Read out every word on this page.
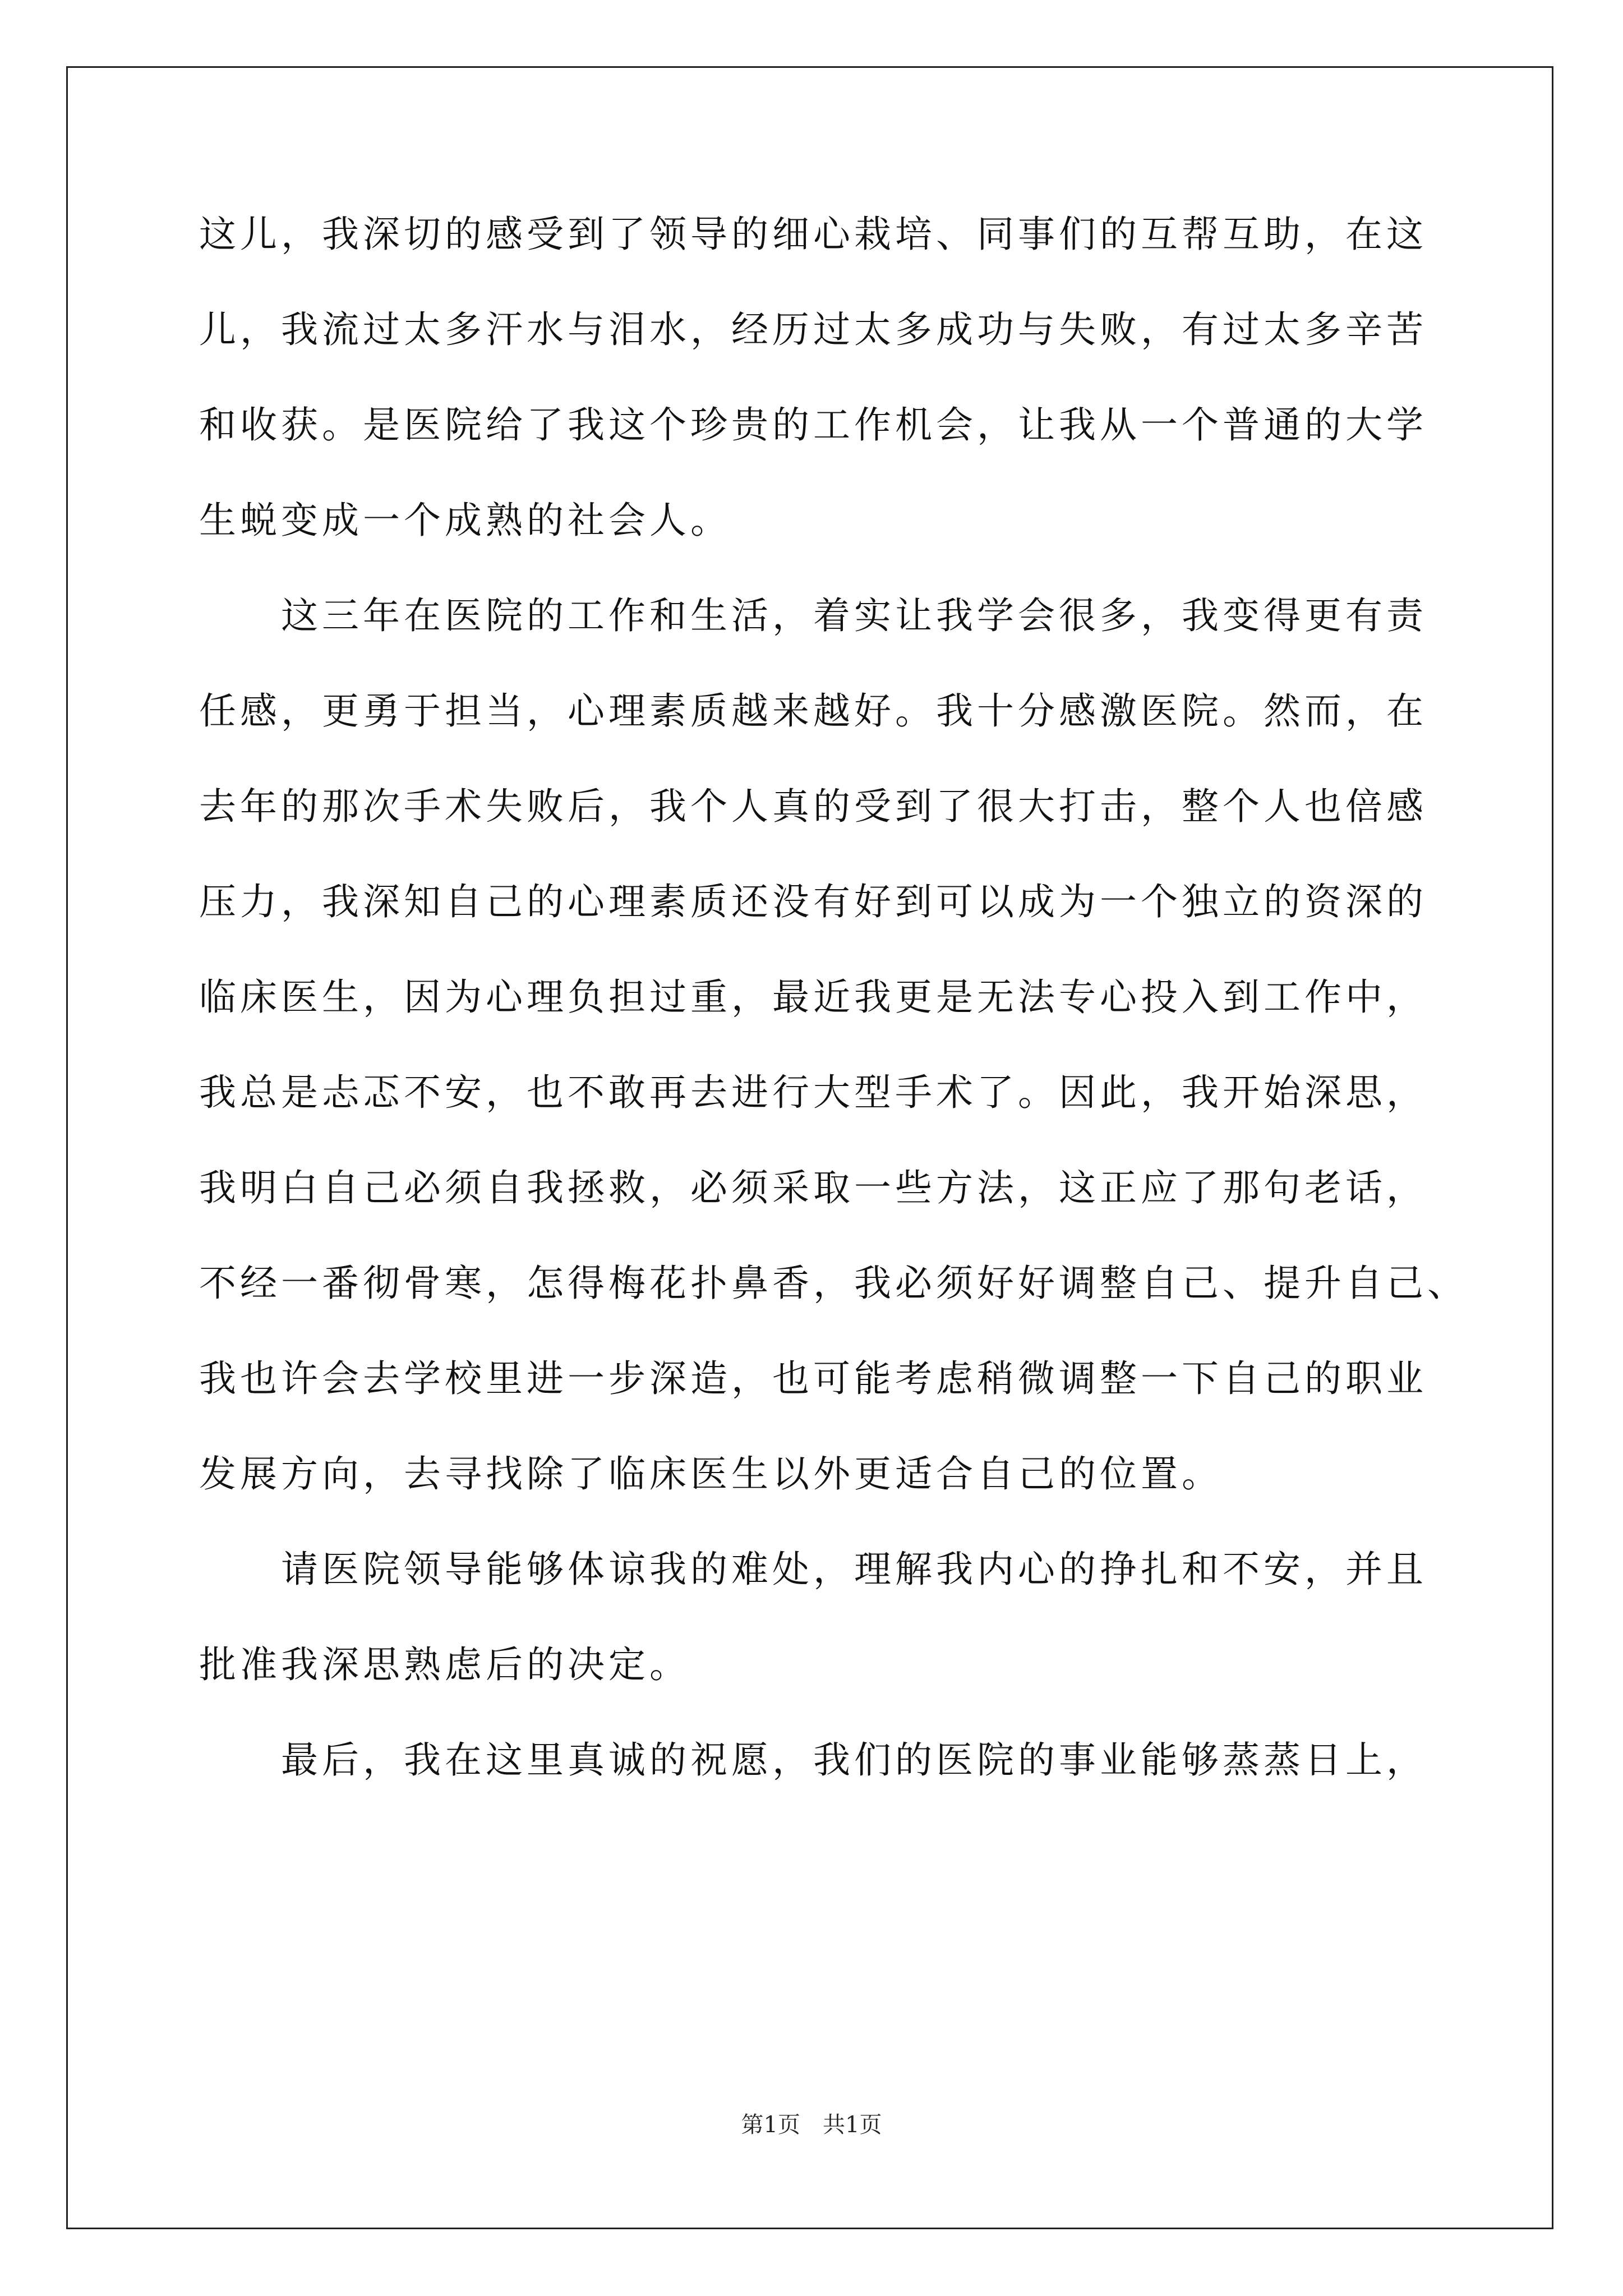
这儿，我深切的感受到了领导的细心栽培、同事们的互帮互助，在这
儿，我流过太多汗水与泪水，经历过太多成功与失败，有过太多辛苦
和收获。是医院给了我这个珍贵的工作机会，让我从一个普通的大学
生蜕变成一个成熟的社会人。
这三年在医院的工作和生活，着实让我学会很多，我变得更有责
任感，更勇于担当，心理素质越来越好。我十分感激医院。然而，在
去年的那次手术失败后，我个人真的受到了很大打击，整个人也倍感
压力，我深知自己的心理素质还没有好到可以成为一个独立的资深的
临床医生，因为心理负担过重，最近我更是无法专心投入到工作中，
我总是忐忑不安，也不敢再去进行大型手术了。因此，我开始深思，
我明白自己必须自我拯救，必须采取一些方法，这正应了那句老话，
不经一番彻骨寒，怎得梅花扑鼻香，我必须好好调整自己、提升自己、
我也许会去学校里进一步深造，也可能考虑稍微调整一下自己的职业
发展方向，去寻找除了临床医生以外更适合自己的位置。
请医院领导能够体谅我的难处，理解我内心的挣扎和不安，并且
批准我深思熟虑后的决定。
最后，我在这里真诚的祝愿，我们的医院的事业能够蒸蒸日上，
第1页 共1页
